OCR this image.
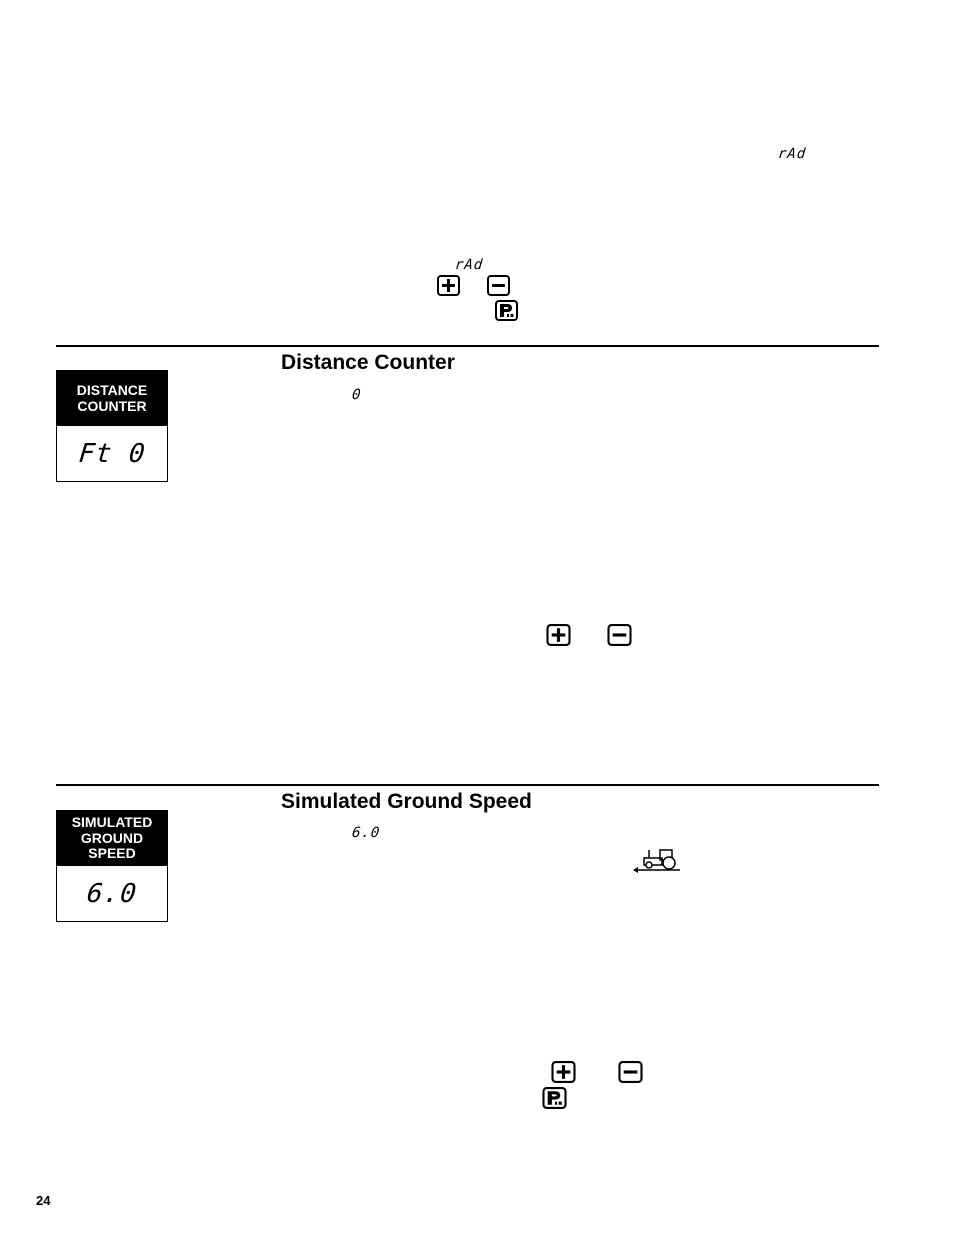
rAd
rAd
Distance Counter
0
DISTANCE
COUNTER
Ft 0
Simulated Ground Speed
6.0
SIMULATED
GROUND
SPEED
6.0
24
